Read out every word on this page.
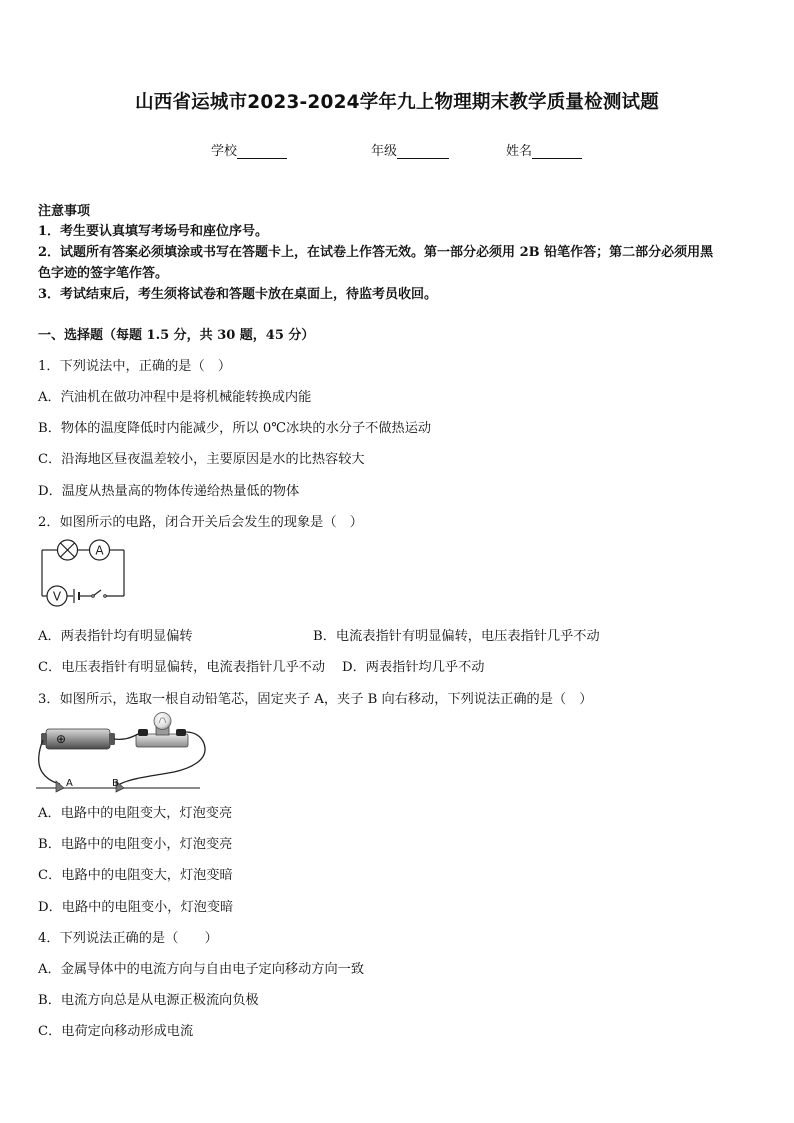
山西省运城市2023-2024学年九上物理期末教学质量检测试题
学校	年级	姓名
注意事项
1．考生要认真填写考场号和座位序号。
2．试题所有答案必须填涂或书写在答题卡上，在试卷上作答无效。第一部分必须用 2B 铅笔作答；第二部分必须用黑
色字迹的签字笔作答。
3．考试结束后，考生须将试卷和答题卡放在桌面上，待监考员收回。
一、选择题（每题 1.5 分，共 30 题，45 分）
1．下列说法中，正确的是（　）
A．汽油机在做功冲程中是将机械能转换成内能
B．物体的温度降低时内能减少，所以 0℃冰块的水分子不做热运动
C．沿海地区昼夜温差较小，主要原因是水的比热容较大
D．温度从热量高的物体传递给热量低的物体
2．如图所示的电路，闭合开关后会发生的现象是（　）
A
V
A．两表指针均有明显偏转	B．电流表指针有明显偏转，电压表指针几乎不动
C．电压表指针有明显偏转，电流表指针几乎不动 D．两表指针均几乎不动
3．如图所示，选取一根自动铅笔芯，固定夹子 A，夹子 B 向右移动，下列说法正确的是（　）
⊕
A	B
A．电路中的电阻变大，灯泡变亮
B．电路中的电阻变小，灯泡变亮
C．电路中的电阻变大，灯泡变暗
D．电路中的电阻变小，灯泡变暗
4．下列说法正确的是（　　）
A．金属导体中的电流方向与自由电子定向移动方向一致
B．电流方向总是从电源正极流向负极
C．电荷定向移动形成电流
